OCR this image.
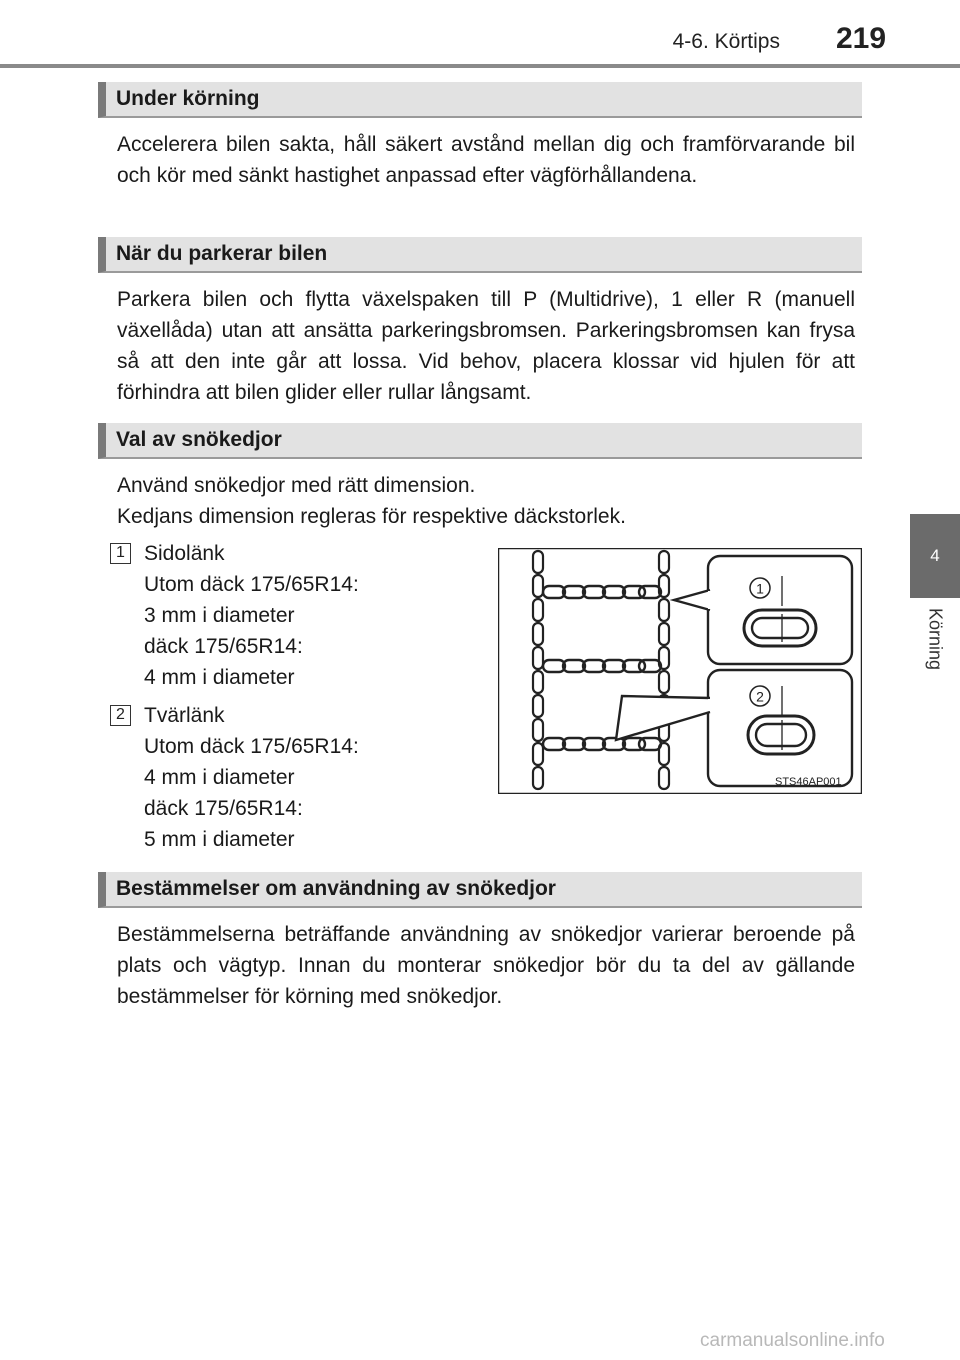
4-6. Körtips 219
4
Körning
Under körning

Accelerera bilen sakta, håll säkert avstånd mellan dig och framförvarande bil och kör med sänkt hastighet anpassad efter vägförhållandena.

När du parkerar bilen

Parkera bilen och flytta växelspaken till P (Multidrive), 1 eller R (manuell växellåda) utan att ansätta parkeringsbromsen. Parkeringsbromsen kan frysa så att den inte går att lossa. Vid behov, placera klossar vid hjulen för att förhindra att bilen glider eller rullar långsamt.

Val av snökedjor

Använd snökedjor med rätt dimension.

Kedjans dimension regleras för respektive däckstorlek.

1 Sidolänk
Utom däck 175/65R14:
3 mm i diameter
däck 175/65R14:
4 mm i diameter
2 Tvärlänk
Utom däck 175/65R14:
4 mm i diameter
däck 175/65R14:
5 mm i diameter
1
2
STS46AP001
Bestämmelser om användning av snökedjor

Bestämmelserna beträffande användning av snökedjor varierar beroende på plats och vägtyp. Innan du monterar snökedjor bör du ta del av gällande bestämmelser för körning med snökedjor.

carmanualsonline.info
